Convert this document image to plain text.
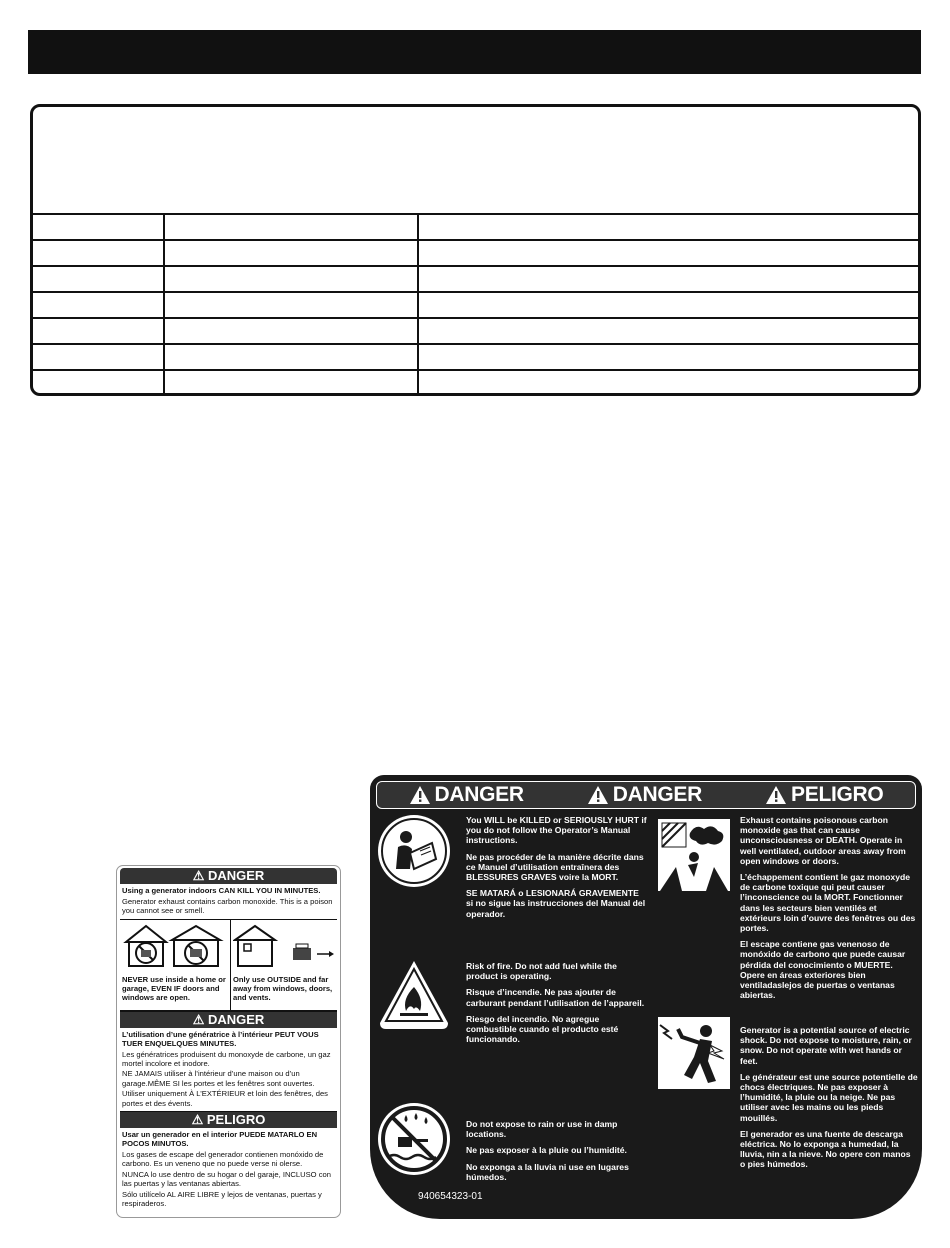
⚠ DANGER

Using a generator indoors CAN KILL YOU IN MINUTES.

Generator exhaust contains carbon monoxide. This is a poison you cannot see or smell.

NEVER use inside a home or garage, EVEN IF doors and windows are open.
Only use OUTSIDE and far away from windows, doors, and vents.
⚠ DANGER

L’utilisation d’une génératrice à l’intérieur PEUT VOUS TUER ENQUELQUES MINUTES.

Les génératrices produisent du monoxyde de carbone, un gaz mortel incolore et inodore.

NE JAMAIS utiliser à l’intérieur d’une maison ou d’un garage.MÊME SI les portes et les fenêtres sont ouvertes.

Utiliser uniquement À L’EXTÉRIEUR et loin des fenêtres, des portes et des évents.

⚠ PELIGRO

Usar un generador en el interior PUEDE MATARLO EN POCOS MINUTOS.

Los gases de escape del generador contienen monóxido de carbono. Es un veneno que no puede verse ni olerse.

NUNCA lo use dentro de su hogar o del garaje, INCLUSO con las puertas y las ventanas abiertas.

Sólo utilícelo AL AIRE LIBRE y lejos de ventanas, puertas y respiraderos.

DANGER	DANGER	PELIGRO

You WILL be KILLED or SERIOUSLY HURT if you do not follow the Operator’s Manual instructions.

Ne pas procéder de la manière décrite dans ce Manuel d’utilisation entraînera des BLESSURES GRAVES voire la MORT.

SE MATARÁ o LESIONARÁ GRAVEMENTE si no sigue las instrucciones del Manual del operador.

Risk of fire. Do not add fuel while the product is operating.

Risque d’incendie. Ne pas ajouter de carburant pendant l’utilisation de l’appareil.

Riesgo del incendio. No agregue combustible cuando el producto esté funcionando.

Do not expose to rain or use in damp locations.

Ne pas exposer à la pluie ou l’humidité.

No exponga a la lluvia ni use en lugares húmedos.

Exhaust contains poisonous carbon monoxide gas that can cause unconsciousness or DEATH. Operate in well ventilated, outdoor areas away from open windows or doors.

L’échappement contient le gaz monoxyde de carbone toxique qui peut causer l’inconscience ou la MORT. Fonctionner dans les secteurs bien ventilés et extérieurs loin d’ouvre des fenêtres ou des portes.

El escape contiene gas venenoso de monóxido de carbono que puede causar pérdida del conocimiento o MUERTE. Opere en áreas exteriores bien ventiladaslejos de puertas o ventanas abiertas.

Generator is a potential source of electric shock. Do not expose to moisture, rain, or snow. Do not operate with wet hands or feet.

Le générateur est une source potentielle de chocs électriques. Ne pas exposer à l’humidité, la pluie ou la neige. Ne pas utiliser avec les mains ou les pieds mouillés.

El generador es una fuente de descarga eléctrica. No lo exponga a humedad, la lluvia, nin a la nieve. No opere con manos o pies húmedos.

940654323-01
